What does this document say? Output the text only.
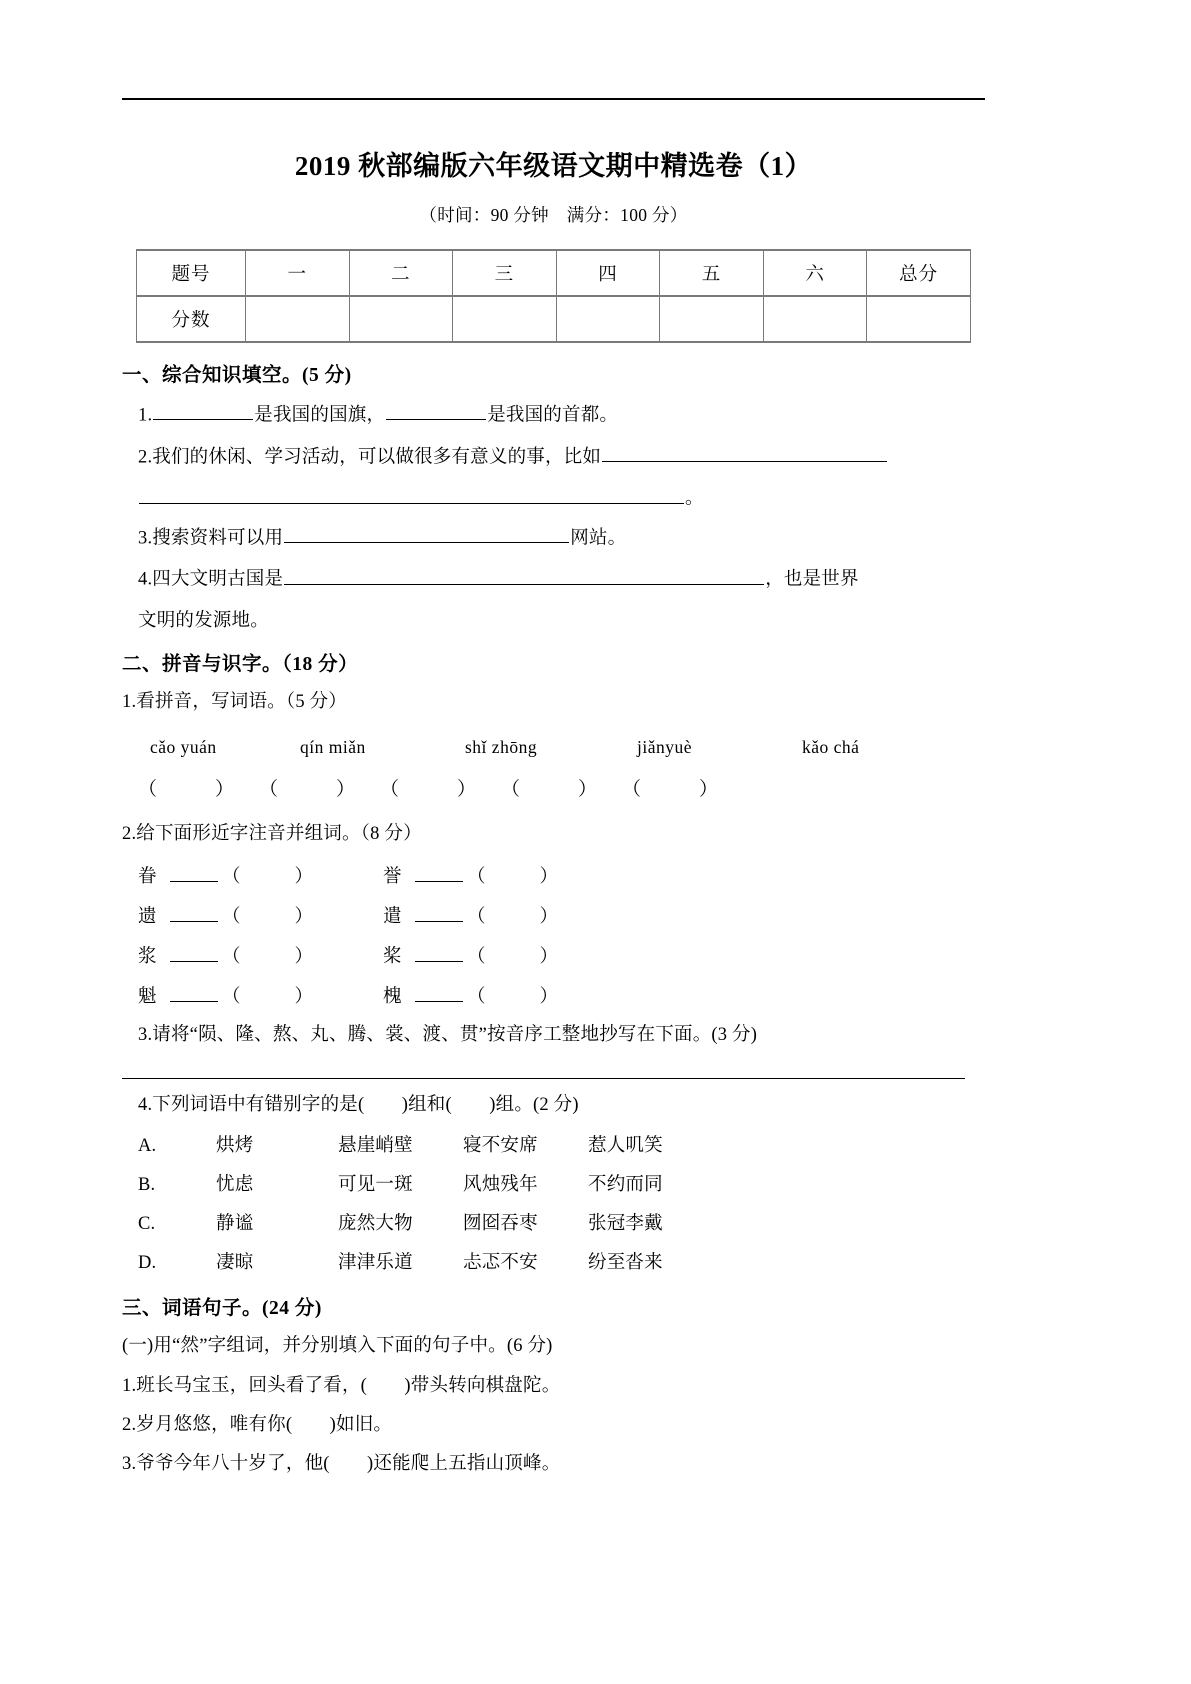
2019 秋部编版六年级语文期中精选卷（1）
（时间：90 分钟　满分：100 分）
题号	一	二	三	四	五	六	总分
分数							
一、综合知识填空。(5 分)
1.	是我国的国旗，	是我国的首都。
2.我们的休闲、学习活动，可以做很多有意义的事，比如
。
3.搜索资料可以用	网站。
4.四大文明古国是	，也是世界
文明的发源地。
二、拼音与识字。（18 分）
1.看拼音，写词语。（5 分）
cǎo yuán	qín miǎn	shǐ zhōng	jiǎnyuè	kǎo chá
（	）	（	）	（	）	（	）	（	）
2.给下面形近字注音并组词。（8 分）
眷	（	）	誉	（	）
遗	（	）	遣	（	）
浆	（	）	桨	（	）
魁	（	）	槐	（	）
3.请将“陨、隆、熬、丸、腾、裳、渡、贯”按音序工整地抄写在下面。(3 分)
4.下列词语中有错别字的是(　　)组和(　　)组。(2 分)
A.	烘烤	悬崖峭壁	寝不安席	惹人叽笑
B.	忧虑	可见一斑	风烛残年	不约而同
C.	静谧	庞然大物	囫囵吞枣	张冠李戴
D.	凄晾	津津乐道	忐忑不安	纷至沓来
三、词语句子。(24 分)
(一)用“然”字组词，并分别填入下面的句子中。(6 分)
1.班长马宝玉，回头看了看，(　　)带头转向棋盘陀。
2.岁月悠悠，唯有你(　　)如旧。
3.爷爷今年八十岁了，他(　　)还能爬上五指山顶峰。
